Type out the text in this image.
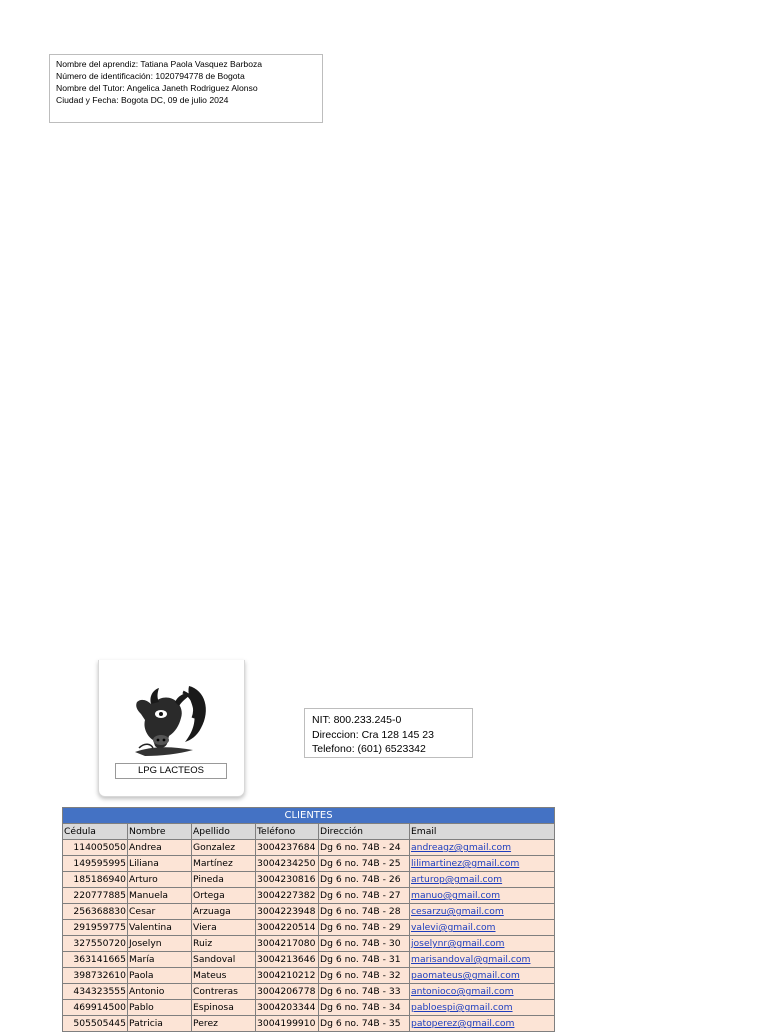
Nombre del aprendiz: Tatiana Paola Vasquez Barboza
Número de identificación: 1020794778 de Bogota
Nombre del Tutor: Angelica Janeth Rodriguez Alonso
Ciudad y Fecha: Bogota DC, 09 de julio 2024
LPG LACTEOS
NIT: 800.233.245-0
Direccion: Cra 128 145 23
Telefono: (601) 6523342
CLIENTES					
Cédula	Nombre	Apellido	Teléfono	Dirección	Email
114005050	Andrea	Gonzalez	3004237684	Dg 6 no. 74B - 24	andreagz@gmail.com
149595995	Liliana	Martínez	3004234250	Dg 6 no. 74B - 25	lilimartinez@gmail.com
185186940	Arturo	Pineda	3004230816	Dg 6 no. 74B - 26	arturop@gmail.com
220777885	Manuela	Ortega	3004227382	Dg 6 no. 74B - 27	manuo@gmail.com
256368830	Cesar	Arzuaga	3004223948	Dg 6 no. 74B - 28	cesarzu@gmail.com
291959775	Valentina	Viera	3004220514	Dg 6 no. 74B - 29	valevi@gmail.com
327550720	Joselyn	Ruiz	3004217080	Dg 6 no. 74B - 30	joselynr@gmail.com
363141665	María	Sandoval	3004213646	Dg 6 no. 74B - 31	marisandoval@gmail.com
398732610	Paola	Mateus	3004210212	Dg 6 no. 74B - 32	paomateus@gmail.com
434323555	Antonio	Contreras	3004206778	Dg 6 no. 74B - 33	antonioco@gmail.com
469914500	Pablo	Espinosa	3004203344	Dg 6 no. 74B - 34	pabloespi@gmail.com
505505445	Patricia	Perez	3004199910	Dg 6 no. 74B - 35	patoperez@gmail.com
